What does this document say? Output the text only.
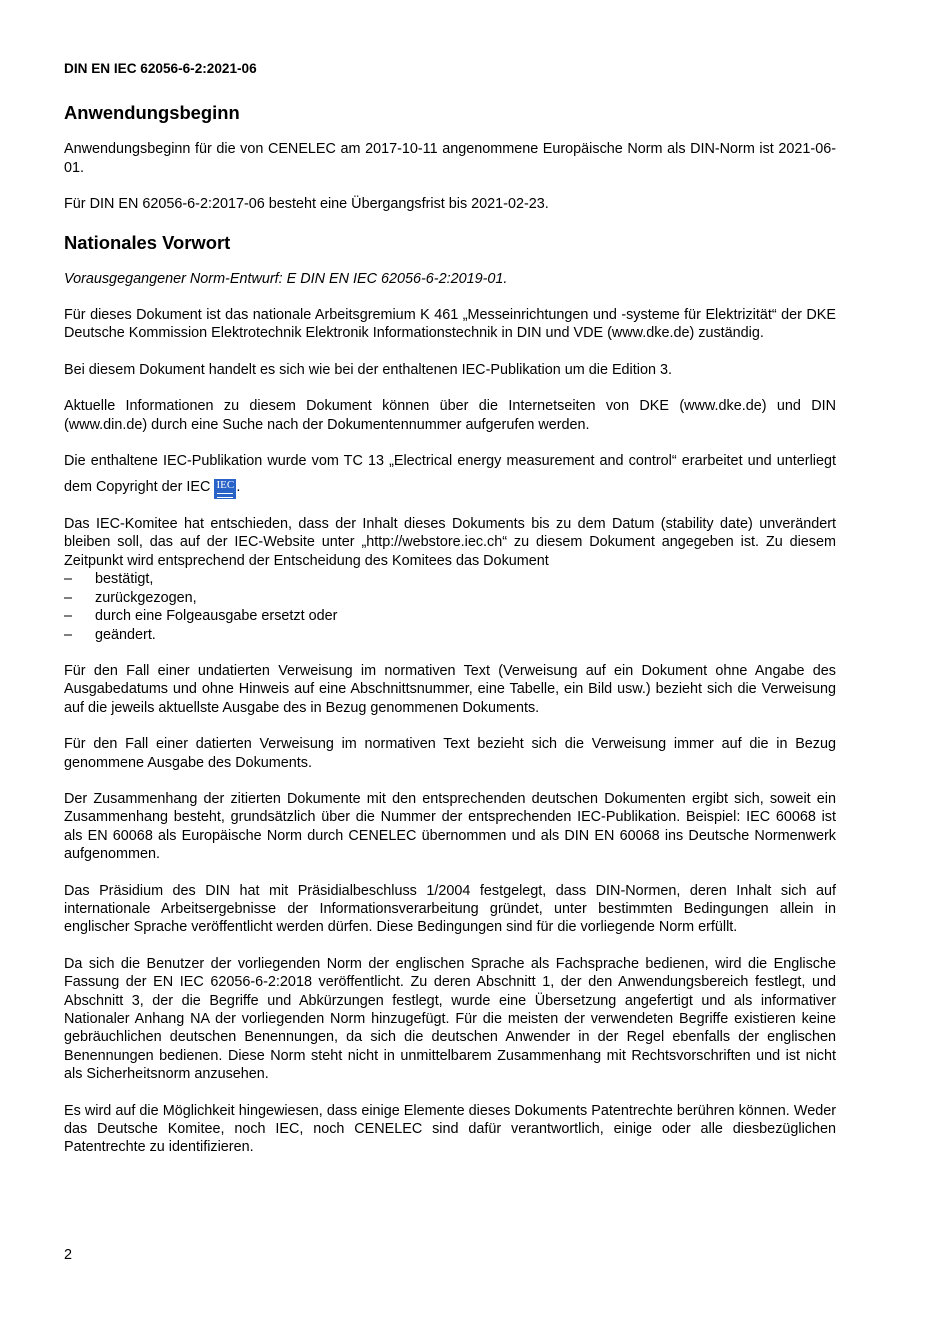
DIN EN IEC 62056-6-2:2021-06
Anwendungsbeginn

Anwendungsbeginn für die von CENELEC am 2017-10-11 angenommene Europäische Norm als DIN-Norm ist 2021-06-01.

Für DIN EN 62056-6-2:2017-06 besteht eine Übergangsfrist bis 2021-02-23.

Nationales Vorwort

Vorausgegangener Norm-Entwurf: E DIN EN IEC 62056-6-2:2019-01.

Für dieses Dokument ist das nationale Arbeitsgremium K 461 „Messeinrichtungen und -systeme für Elektrizität“ der DKE Deutsche Kommission Elektrotechnik Elektronik Informationstechnik in DIN und VDE (www.dke.de) zuständig.

Bei diesem Dokument handelt es sich wie bei der enthaltenen IEC-Publikation um die Edition 3.

Aktuelle Informationen zu diesem Dokument können über die Internetseiten von DKE (www.dke.de) und DIN (www.din.de) durch eine Suche nach der Dokumentennummer aufgerufen werden.

Die enthaltene IEC-Publikation wurde vom TC 13 „Electrical energy measurement and control“ erarbeitet und unterliegt dem Copyright der IEC IEC .

Das IEC-Komitee hat entschieden, dass der Inhalt dieses Dokuments bis zu dem Datum (stability date) unverändert bleiben soll, das auf der IEC-Website unter „http://webstore.iec.ch“ zu diesem Dokument angegeben ist. Zu diesem Zeitpunkt wird entsprechend der Entscheidung des Komitees das Dokument

–	bestätigt,
–	zurückgezogen,
–	durch eine Folgeausgabe ersetzt oder
–	geändert.

Für den Fall einer undatierten Verweisung im normativen Text (Verweisung auf ein Dokument ohne Angabe des Ausgabedatums und ohne Hinweis auf eine Abschnittsnummer, eine Tabelle, ein Bild usw.) bezieht sich die Verweisung auf die jeweils aktuellste Ausgabe des in Bezug genommenen Dokuments.

Für den Fall einer datierten Verweisung im normativen Text bezieht sich die Verweisung immer auf die in Bezug genommene Ausgabe des Dokuments.

Der Zusammenhang der zitierten Dokumente mit den entsprechenden deutschen Dokumenten ergibt sich, soweit ein Zusammenhang besteht, grundsätzlich über die Nummer der entsprechenden IEC-Publikation. Beispiel: IEC 60068 ist als EN 60068 als Europäische Norm durch CENELEC übernommen und als DIN EN 60068 ins Deutsche Normenwerk aufgenommen.

Das Präsidium des DIN hat mit Präsidialbeschluss 1/2004 festgelegt, dass DIN-Normen, deren Inhalt sich auf internationale Arbeitsergebnisse der Informationsverarbeitung gründet, unter bestimmten Bedingungen allein in englischer Sprache veröffentlicht werden dürfen. Diese Bedingungen sind für die vorliegende Norm erfüllt.

Da sich die Benutzer der vorliegenden Norm der englischen Sprache als Fachsprache bedienen, wird die Englische Fassung der EN IEC 62056-6-2:2018 veröffentlicht. Zu deren Abschnitt 1, der den Anwendungsbereich festlegt, und Abschnitt 3, der die Begriffe und Abkürzungen festlegt, wurde eine Übersetzung angefertigt und als informativer Nationaler Anhang NA der vorliegenden Norm hinzugefügt. Für die meisten der verwendeten Begriffe existieren keine gebräuchlichen deutschen Benennungen, da sich die deutschen Anwender in der Regel ebenfalls der englischen Benennungen bedienen. Diese Norm steht nicht in unmittelbarem Zusammenhang mit Rechtsvorschriften und ist nicht als Sicherheitsnorm anzusehen.

Es wird auf die Möglichkeit hingewiesen, dass einige Elemente dieses Dokuments Patentrechte berühren können. Weder das Deutsche Komitee, noch IEC, noch CENELEC sind dafür verantwortlich, einige oder alle diesbezüglichen Patentrechte zu identifizieren.

2
